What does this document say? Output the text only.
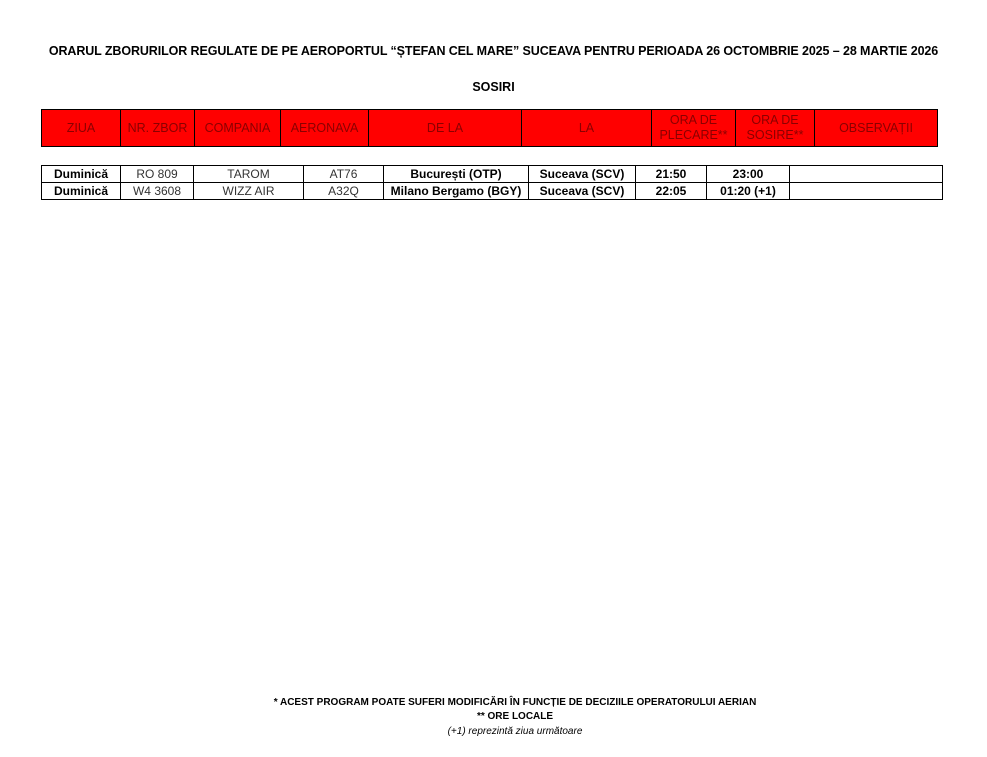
ORARUL ZBORURILOR REGULATE DE PE AEROPORTUL “ȘTEFAN CEL MARE” SUCEAVA PENTRU PERIOADA 26 OCTOMBRIE 2025 – 28 MARTIE 2026
SOSIRI
ZIUA	NR. ZBOR	COMPANIA	AERONAVA	DE LA	LA	ORA DE PLECARE**	ORA DE SOSIRE**	OBSERVAȚII
Duminică	RO 809	TAROM	AT76	București (OTP)	Suceava (SCV)	21:50	23:00	
Duminică	W4 3608	WIZZ AIR	A32Q	Milano Bergamo (BGY)	Suceava (SCV)	22:05	01:20 (+1)	
* ACEST PROGRAM POATE SUFERI MODIFICĂRI ÎN FUNCȚIE DE DECIZIILE OPERATORULUI AERIAN
** ORE LOCALE
(+1) reprezintă ziua următoare
